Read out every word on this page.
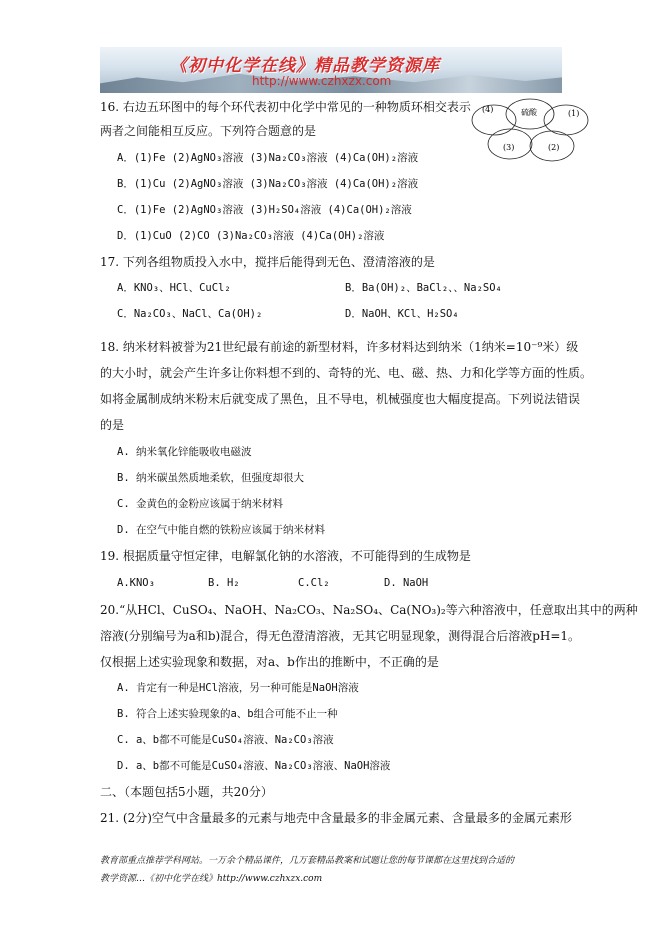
《初中化学在线》精品教学资源库
http://www.czhxzx.com
硫酸
(4)
(3)
(1)
(2)
16. 右边五环图中的每个环代表初中化学中常见的一种物质环相交表示
两者之间能相互反应。下列符合题意的是
A．(1)Fe (2)AgNO₃溶液 (3)Na₂CO₃溶液 (4)Ca(OH)₂溶液
B．(1)Cu (2)AgNO₃溶液 (3)Na₂CO₃溶液 (4)Ca(OH)₂溶液
C．(1)Fe (2)AgNO₃溶液 (3)H₂SO₄溶液 (4)Ca(OH)₂溶液
D．(1)CuO (2)CO (3)Na₂CO₃溶液 (4)Ca(OH)₂溶液
17. 下列各组物质投入水中，搅拌后能得到无色、澄清溶液的是
A．KNO₃、HCl、CuCl₂	B．Ba(OH)₂、BaCl₂、、Na₂SO₄
C．Na₂CO₃、NaCl、Ca(OH)₂	D．NaOH、KCl、H₂SO₄
18. 纳米材料被誉为21世纪最有前途的新型材料，许多材料达到纳米（1纳米=10⁻⁹米）级
的大小时，就会产生许多让你料想不到的、奇特的光、电、磁、热、力和化学等方面的性质。
如将金属制成纳米粉末后就变成了黑色，且不导电，机械强度也大幅度提高。下列说法错误
的是
A. 纳米氧化锌能吸收电磁波
B. 纳米碳虽然质地柔软，但强度却很大
C. 金黄色的金粉应该属于纳米材料
D. 在空气中能自燃的铁粉应该属于纳米材料
19. 根据质量守恒定律，电解氯化钠的水溶液，不可能得到的生成物是
A.KNO₃	B. H₂	C.Cl₂	D. NaOH
20.“从HCl、CuSO₄、NaOH、Na₂CO₃、Na₂SO₄、Ca(NO₃)₂等六种溶液中，任意取出其中的两种
溶液(分别编号为a和b)混合，得无色澄清溶液，无其它明显现象，测得混合后溶液pH=1。
仅根据上述实验现象和数据，对a、b作出的推断中，不正确的是
A. 肯定有一种是HCl溶液，另一种可能是NaOH溶液
B. 符合上述实验现象的a、b组合可能不止一种
C. a、b都不可能是CuSO₄溶液、Na₂CO₃溶液
D. a、b都不可能是CuSO₄溶液、Na₂CO₃溶液、NaOH溶液
二、（本题包括5小题，共20分）
21. (2分)空气中含量最多的元素与地壳中含量最多的非金属元素、含量最多的金属元素形
教育部重点推荐学科网站。一万余个精品课件，几万套精品教案和试题让您的每节课都在这里找到合适的
教学资源…《初中化学在线》http://www.czhxzx.com
